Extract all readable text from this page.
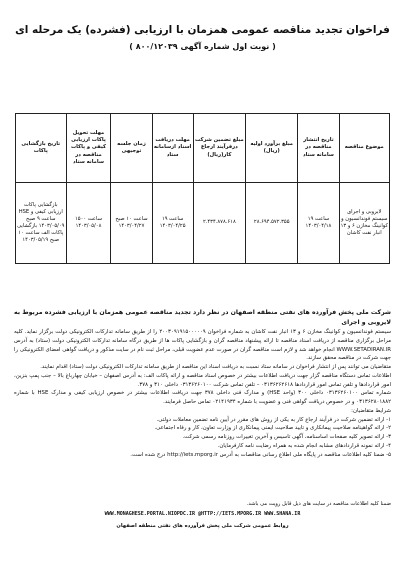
فراخوان تجدید مناقصه عمومی همزمان با ارزیابی (فشرده) یک مرحله ای
( نوبت اول شماره آگهی ۸۰۰/۱۲۰۳۹ )
موضوع مناقصه	تاریخ انتشار مناقصه در سامانه ستاد	مبلغ برآورد اولیه (ریال)	مبلغ تضمین شرکت درفرآیند ارجاع کار(ریال)	مهلت دریافت اسناد ازسامانه ستاد	زمان جلسه توجیهی	مهلت تحویل پاکات ارزیابی کیفی و پاکات مناقصه در سامانه ستاد	تاریخ بازگشایی پاکات
لایروبی و اجرای سیستم فوندانسیون و کوانینگ مخازن ۶ و ۱۳ انبار نفت کاشان	ساعت ۱۹ ۱۴۰۳/۰۴/۱۸	۲۸.۶۹۴.۵۷۲.۳۵۵	۲.۴۳۴.۸۷۸.۶۱۸	ساعت ۱۹ ۱۴۰۳/۰۴/۲۵	ساعت ۱۰ صبح ۱۴۰۳/۰۴/۲۷	ساعت ۱۵۰۰ ۱۴۰۳/۰۵/۰۸	بازگشایی پاکات ارزیابی کیفی و HSE ساعت ۹ صبح ۱۴۰۳/۰۵/۰۹ بازگشایی پاکات الف ساعت ۱۰ صبح ۱۴۰۳/۰۵/۱۹

شرکت ملی پخش فرآورده های نفتی منطقه اصفهان در نظر دارد تجدید مناقصه عمومی همزمان با ارزیابی فشرده مربوط به لایروبی و اجرای

سیستم فوندانسیون و کوانینگ مخازن ۶ و ۱۳ انبار نفت کاشان به شماره فراخوان ۲۰۰۳۰۹۱۹۱۵۰۰۰۰۰۹ را از طریق سامانه تدارکات الکترونیکی دولت برگزار نماید. کلیه مراحل برگزاری مناقصه از دریافت اسناد مناقصه تا ارائه پیشنهاد مناقصه گران و بازگشایی پاکات ها از طریق درگاه سامانه تدارکات الکترونیکی دولت (ستاد) به آدرس WWW.SETADIRAN.IR انجام خواهد شد و لازم است مناقصه گران در صورت عدم عضویت قبلی، مراحل ثبت نام در سایت مذکور و دریافت گواهی امضای الکترونیکی را جهت شرکت در مناقصه محقق سازند.

متقاضیان می توانند پس از انتشار فراخوان در سامانه ستاد نسبت به دریافت اسناد این مناقصه از طریق سامانه تدارکات الکترونیکی دولت (ستاد) اقدام نمایند.

اطلاعات تماس دستگاه مناقصه گزار جهت دریافت اطلاعات بیشتر در خصوص اسناد مناقصه و ارائه پاکات الف: به آدرس اصفهان – خیابان چهارباغ بالا – جنب پمپ بنزین، امور قراردادها و تلفن تماس امور قراردادها ۰۳۱۳۶۲۶۲۶۱۸ – تلفن تماس شرکت ۰۳۱۳۶۲۶۰۱۰۰ داخلی ۳۱۰ و ۳۷۸.

شماره تماس ۰۳۱۳۶۲۶۰۱۰۰ داخلی ۳۰۰ (واحد HSE) و مدارک فنی داخلی ۳۷۸ جهت دریافت اطلاعات بیشتر در خصوص ارزیابی کیفی و مدارک HSE با شماره ۰۳۱۳۶۲۸۰۱۸۸۲ و در خصوص دریافت گواهی فنی و عضویت با شماره ۰۲۱۴۱۹۳۴ تماس حاصل فرمایند.

شرایط متقاضیان:

۱- ارائه تضمین شرکت در فرآیند ارجاع کار به یکی از روش های مقرر در آیین نامه تضمین معاملات دولتی.

۲- ارائه گواهینامه صلاحیت پیمانکاری و تایید صلاحیت ایمنی پیمانکاری از وزارت تعاون، کار و رفاه اجتماعی.

۳- ارائه تصویر کلیه صفحات اساسنامه، آگهی تاسیس و آخرین تغییرات روزنامه رسمی شرکت.

۴- ارائه نمونه قراردادهای مشابه انجام شده به همراه رضایت نامه کارفرمایان.

۵- ضمنا کلیه اطلاعات مناقصه در پایگاه ملی اطلاع رسانی مناقصات به آدرس http://iets.mporg.ir درج شده است.

ضمنا کلیه اطلاعات مناقصه در سایت های ذیل قابل رویت می باشد.
WWW.MONAGHESE.PORTAL.NIOPDC.IR @HTTP://IETS.MPORG.IR WWW.SHANA.IR
روابط عمومی شرکت ملی پخش فرآورده های نفتی منطقه اصفهان
